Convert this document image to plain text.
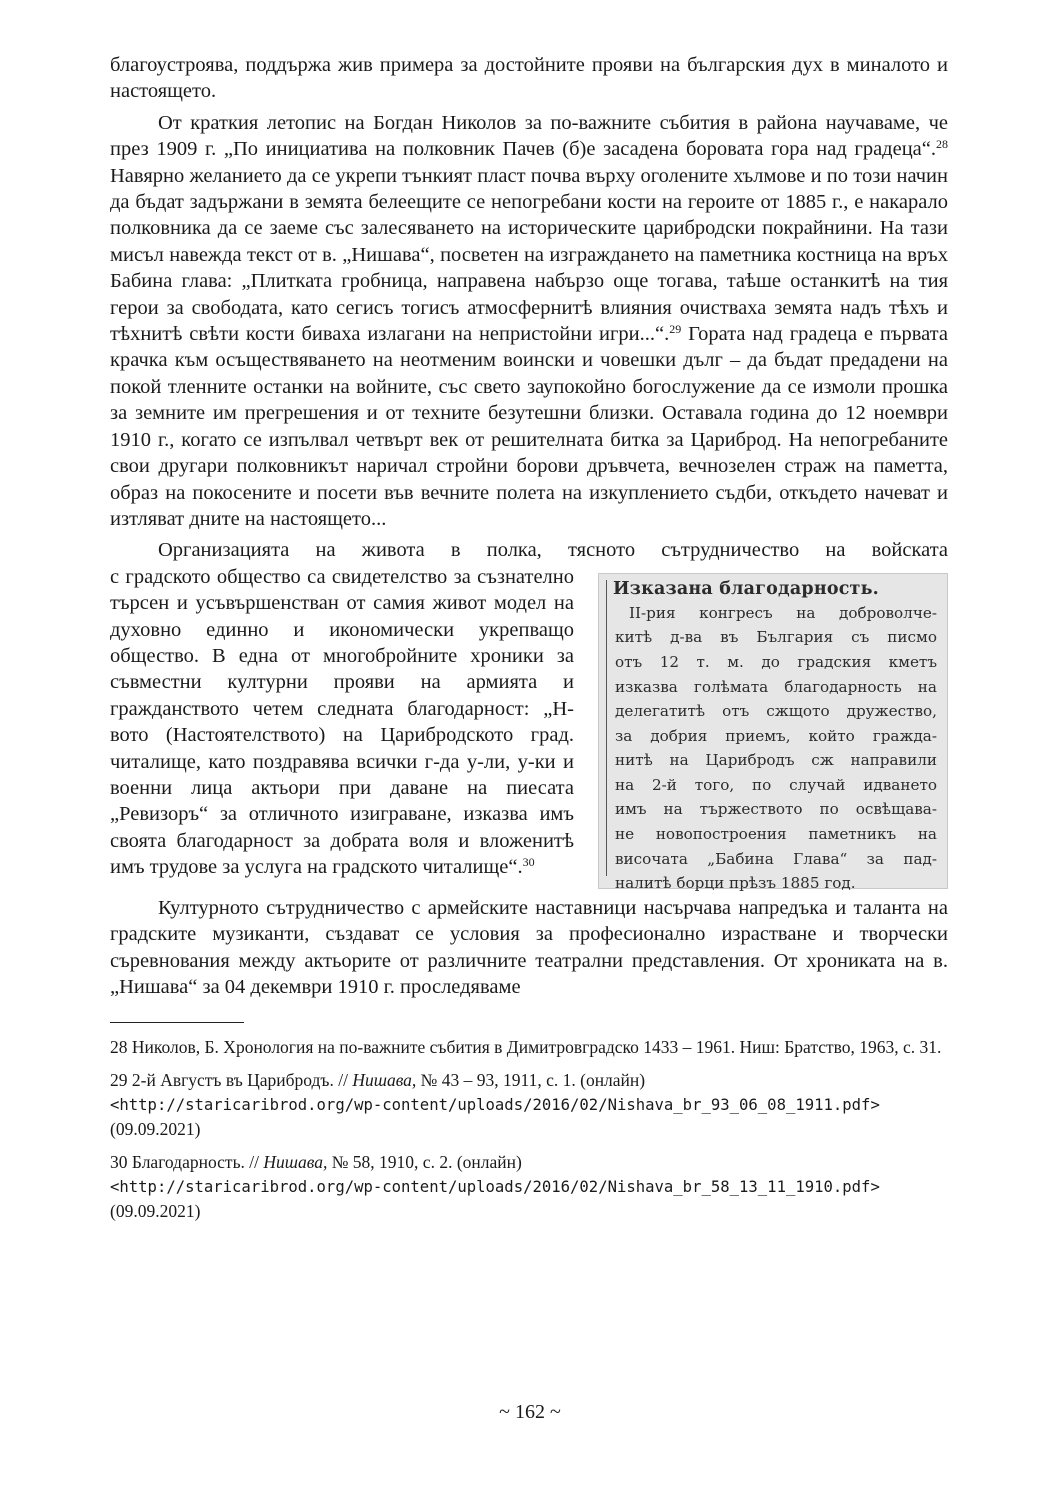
благоустроява, поддържа жив примера за достойните прояви на българския дух в миналото и настоящето.

От краткия летопис на Богдан Николов за по-важните събития в района научаваме, че през 1909 г. „По инициатива на полковник Пачев (б)е засадена боровата гора над градеца“.$^{28}$ Навярно желанието да се укрепи тънкият пласт почва върху оголените хълмове и по този начин да бъдат задържани в земята белеещите се непогребани кости на героите от 1885 г., е накарало полковника да се заеме със залесяването на историческите царибродски покрайнини. На тази мисъл навежда текст от в. „Нишава“, посветен на изграждането на паметника костница на връх Бабина глава: „Плитката гробница, направена набързо още тогава, таѣше останкитѣ на тия герои за свободата, като сегисъ тогисъ атмосфернитѣ влияния очистваха земята надъ тѣхъ и тѣхнитѣ свѣти кости биваха излагани на непристойни игри...“.$^{29}$ Гората над градеца е първата крачка към осъществяването на неотменим воински и човешки дълг – да бъдат предадени на покой тленните останки на войните, със свето заупокойно богослужение да се измоли прошка за земните им прегрешения и от техните безутешни близки. Оставала година до 12 ноември 1910 г., когато се изпълвал четвърт век от решителната битка за Цариброд. На непогребаните свои другари полковникът наричал стройни борови дръвчета, вечнозелен страж на паметта, образ на покосените и посети във вечните полета на изкуплението съдби, откъдето начеват и изтляват дните на настоящето...

Организацията на живота в полка, тясното сътрудничество на войската

Изказана благодарность.
II-рия конгресъ на доброволче-
китѣ д-ва въ България съ писмо
отъ 12 т. м. до градския кметъ
изказва голѣмата благодарность на
делегатитѣ отъ сжщото дружество,
за добрия приемъ, който гражда-
нитѣ на Царибродъ сж направили
на 2-й того, по случай идването
имъ на тържеството по освѣщава-
не новопостроения паметникъ на
височата „Бабина Глава“ за пад-
налитѣ борци прѣзъ 1885 год.

с градското общество са свидетелство за съзнателно търсен и усъвършенстван от самия живот модел на духовно единно и икономически укрепващо общество. В една от многобройните хроники за съвместни културни прояви на армията и гражданството четем следната благодарност: „Н-вото (Настоятелството) на Царибродското град. читалище, като поздравява всички г-да у-ли, у-ки и военни лица актьори при даване на пиесата „Ревизоръ“ за отличното изиграване, изказва имъ своята благодарност за добрата воля и вложенитѣ имъ трудове за услуга на градското читалище“.$^{30}$

Културното сътрудничество с армейските наставници насърчава напредъка и таланта на градските музиканти, създават се условия за професионално израстване и творчески съревнования между актьорите от различните театрални представления. От хрониката на в. „Нишава“ за 04 декември 1910 г. проследяваме

28 Николов, Б. Хронология на по-важните събития в Димитровградско 1433 – 1961. Ниш: Братство, 1963, с. 31.

29 2-й Августъ въ Царибродъ. // Нишава, № 43 – 93, 1911, с. 1. (онлайн)
<http://staricaribrod.org/wp-content/uploads/2016/02/Nishava_br_93_06_08_1911.pdf>
(09.09.2021)

30 Благодарность. // Нишава, № 58, 1910, с. 2. (онлайн)
<http://staricaribrod.org/wp-content/uploads/2016/02/Nishava_br_58_13_11_1910.pdf>
(09.09.2021)

~ 162 ~
